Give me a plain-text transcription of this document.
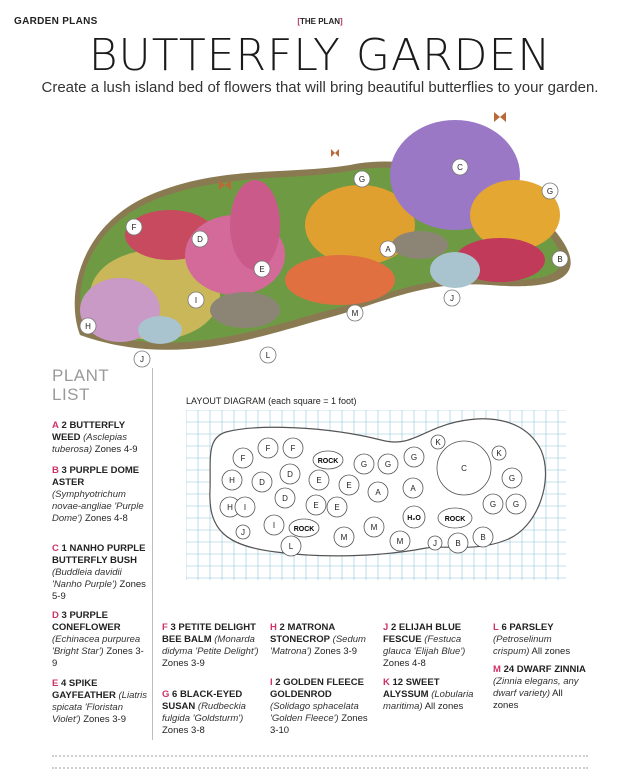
GARDEN PLANS	[THE PLAN]
BUTTERFLY GARDEN
Create a lush island bed of flowers that will bring beautiful butterflies to your garden.
C
G
G
F
D
A
B
E
J
I
M
H
L
J
PLANT
LIST
A 2 BUTTERFLY WEED (Asclepias tuberosa) Zones 4-9
B 3 PURPLE DOME ASTER (Symphyotrichum novae-angliae 'Purple Dome') Zones 4-8
C 1 NANHO PURPLE BUTTERFLY BUSH (Buddleia davidii 'Nanho Purple') Zones 5-9
D 3 PURPLE CONEFLOWER (Echinacea purpurea 'Bright Star') Zones 3-9
E 4 SPIKE GAYFEATHER (Liatris spicata 'Floristan Violet') Zones 3-9
F 3 PETITE DELIGHT BEE BALM (Monarda didyma 'Petite Delight') Zones 3-9
G 6 BLACK-EYED SUSAN (Rudbeckia fulgida 'Goldsturm') Zones 3-8
H 2 MATRONA STONECROP (Sedum 'Matrona') Zones 3-9
I 2 GOLDEN FLEECE GOLDENROD (Solidago sphacelata 'Golden Fleece') Zones 3-10
J 2 ELIJAH BLUE FESCUE (Festuca glauca 'Elijah Blue') Zones 4-8
K 12 SWEET ALYSSUM (Lobularia maritima) All zones
L 6 PARSLEY (Petroselinum crispum) All zones
M 24 DWARF ZINNIA (Zinnia elegans, any dwarf variety) All zones
LAYOUT DIAGRAM (each square = 1 foot)
F
F	F
H
D
E
E
A	A
H
D
D
E E
I
I
J
L
M
M
M
G G
G
G
G G
C
K
K
J B
B
ROCK
ROCK
ROCK
H₂O
